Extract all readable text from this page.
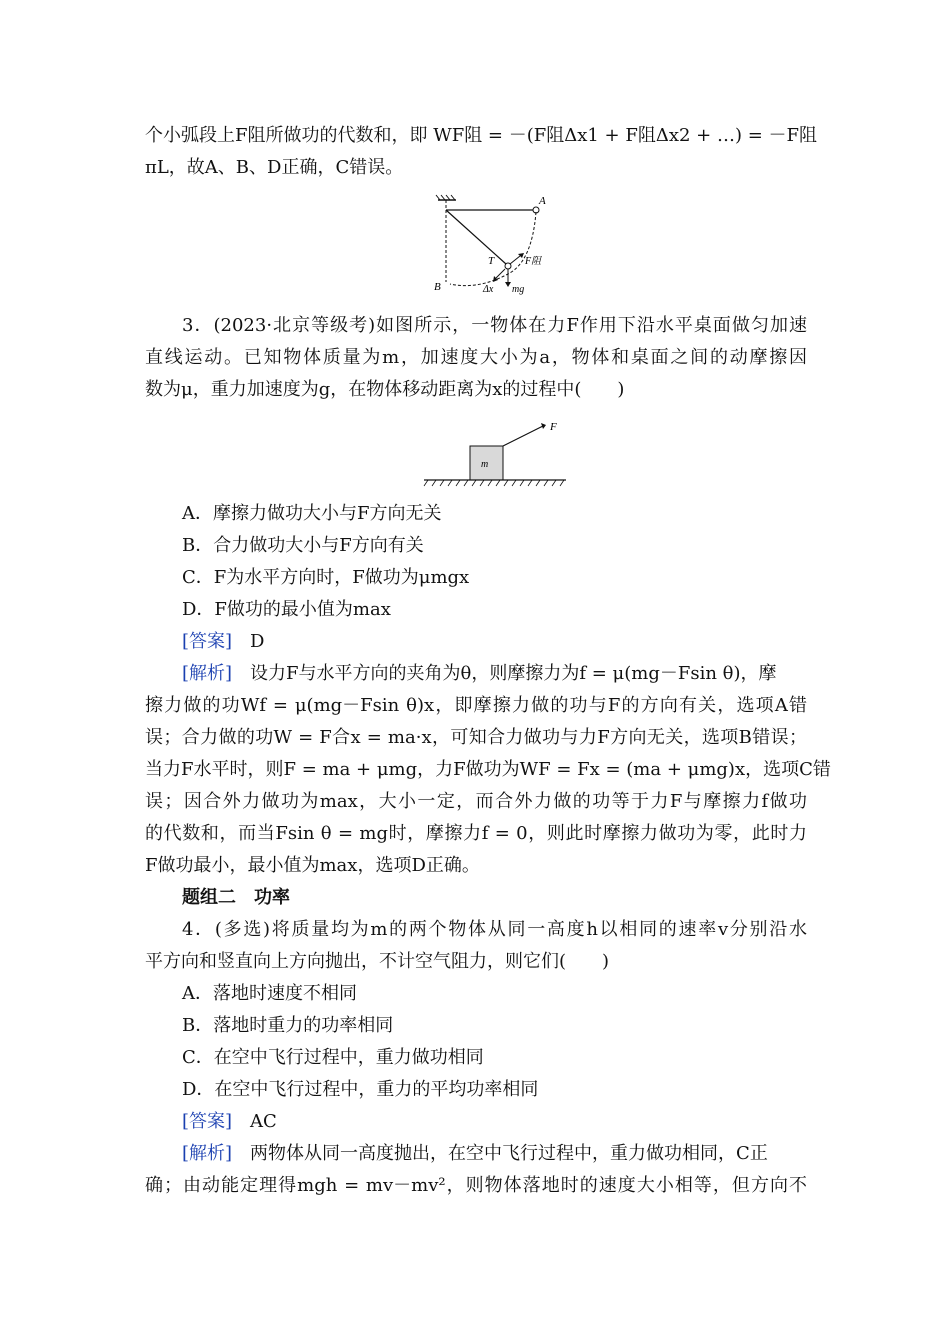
个小弧段上F阻所做功的代数和，即 WF阻 = －(F阻Δx1 + F阻Δx2 + …) = －F阻
πL，故A、B、D正确，C错误。
A
B
T	F阻
Δx mg
3．(2023·北京等级考)如图所示，一物体在力F作用下沿水平桌面做匀加速
直线运动。已知物体质量为m，加速度大小为a，物体和桌面之间的动摩擦因
数为μ，重力加速度为g，在物体移动距离为x的过程中(　　)
m
F
A．摩擦力做功大小与F方向无关
B．合力做功大小与F方向有关
C．F为水平方向时，F做功为μmgx
D．F做功的最小值为max
[答案]　 D
[解析]　 设力F与水平方向的夹角为θ，则摩擦力为f = μ(mg－Fsin θ)，摩
擦力做的功Wf = μ(mg－Fsin θ)x，即摩擦力做的功与F的方向有关，选项A错
误；合力做的功W = F合x = ma·x，可知合力做功与力F方向无关，选项B错误；
当力F水平时，则F = ma + μmg，力F做功为WF = Fx = (ma + μmg)x，选项C错
误；因合外力做功为max，大小一定，而合外力做的功等于力F与摩擦力f做功
的代数和，而当Fsin θ = mg时，摩擦力f = 0，则此时摩擦力做功为零，此时力
F做功最小，最小值为max，选项D正确。
题组二　功率
4．(多选)将质量均为m的两个物体从同一高度h以相同的速率v分别沿水
平方向和竖直向上方向抛出，不计空气阻力，则它们(　　)
A．落地时速度不相同
B．落地时重力的功率相同
C．在空中飞行过程中，重力做功相同
D．在空中飞行过程中，重力的平均功率相同
[答案]　 AC
[解析]　 两物体从同一高度抛出，在空中飞行过程中，重力做功相同，C正
确；由动能定理得mgh = mv－mv²，则物体落地时的速度大小相等，但方向不
